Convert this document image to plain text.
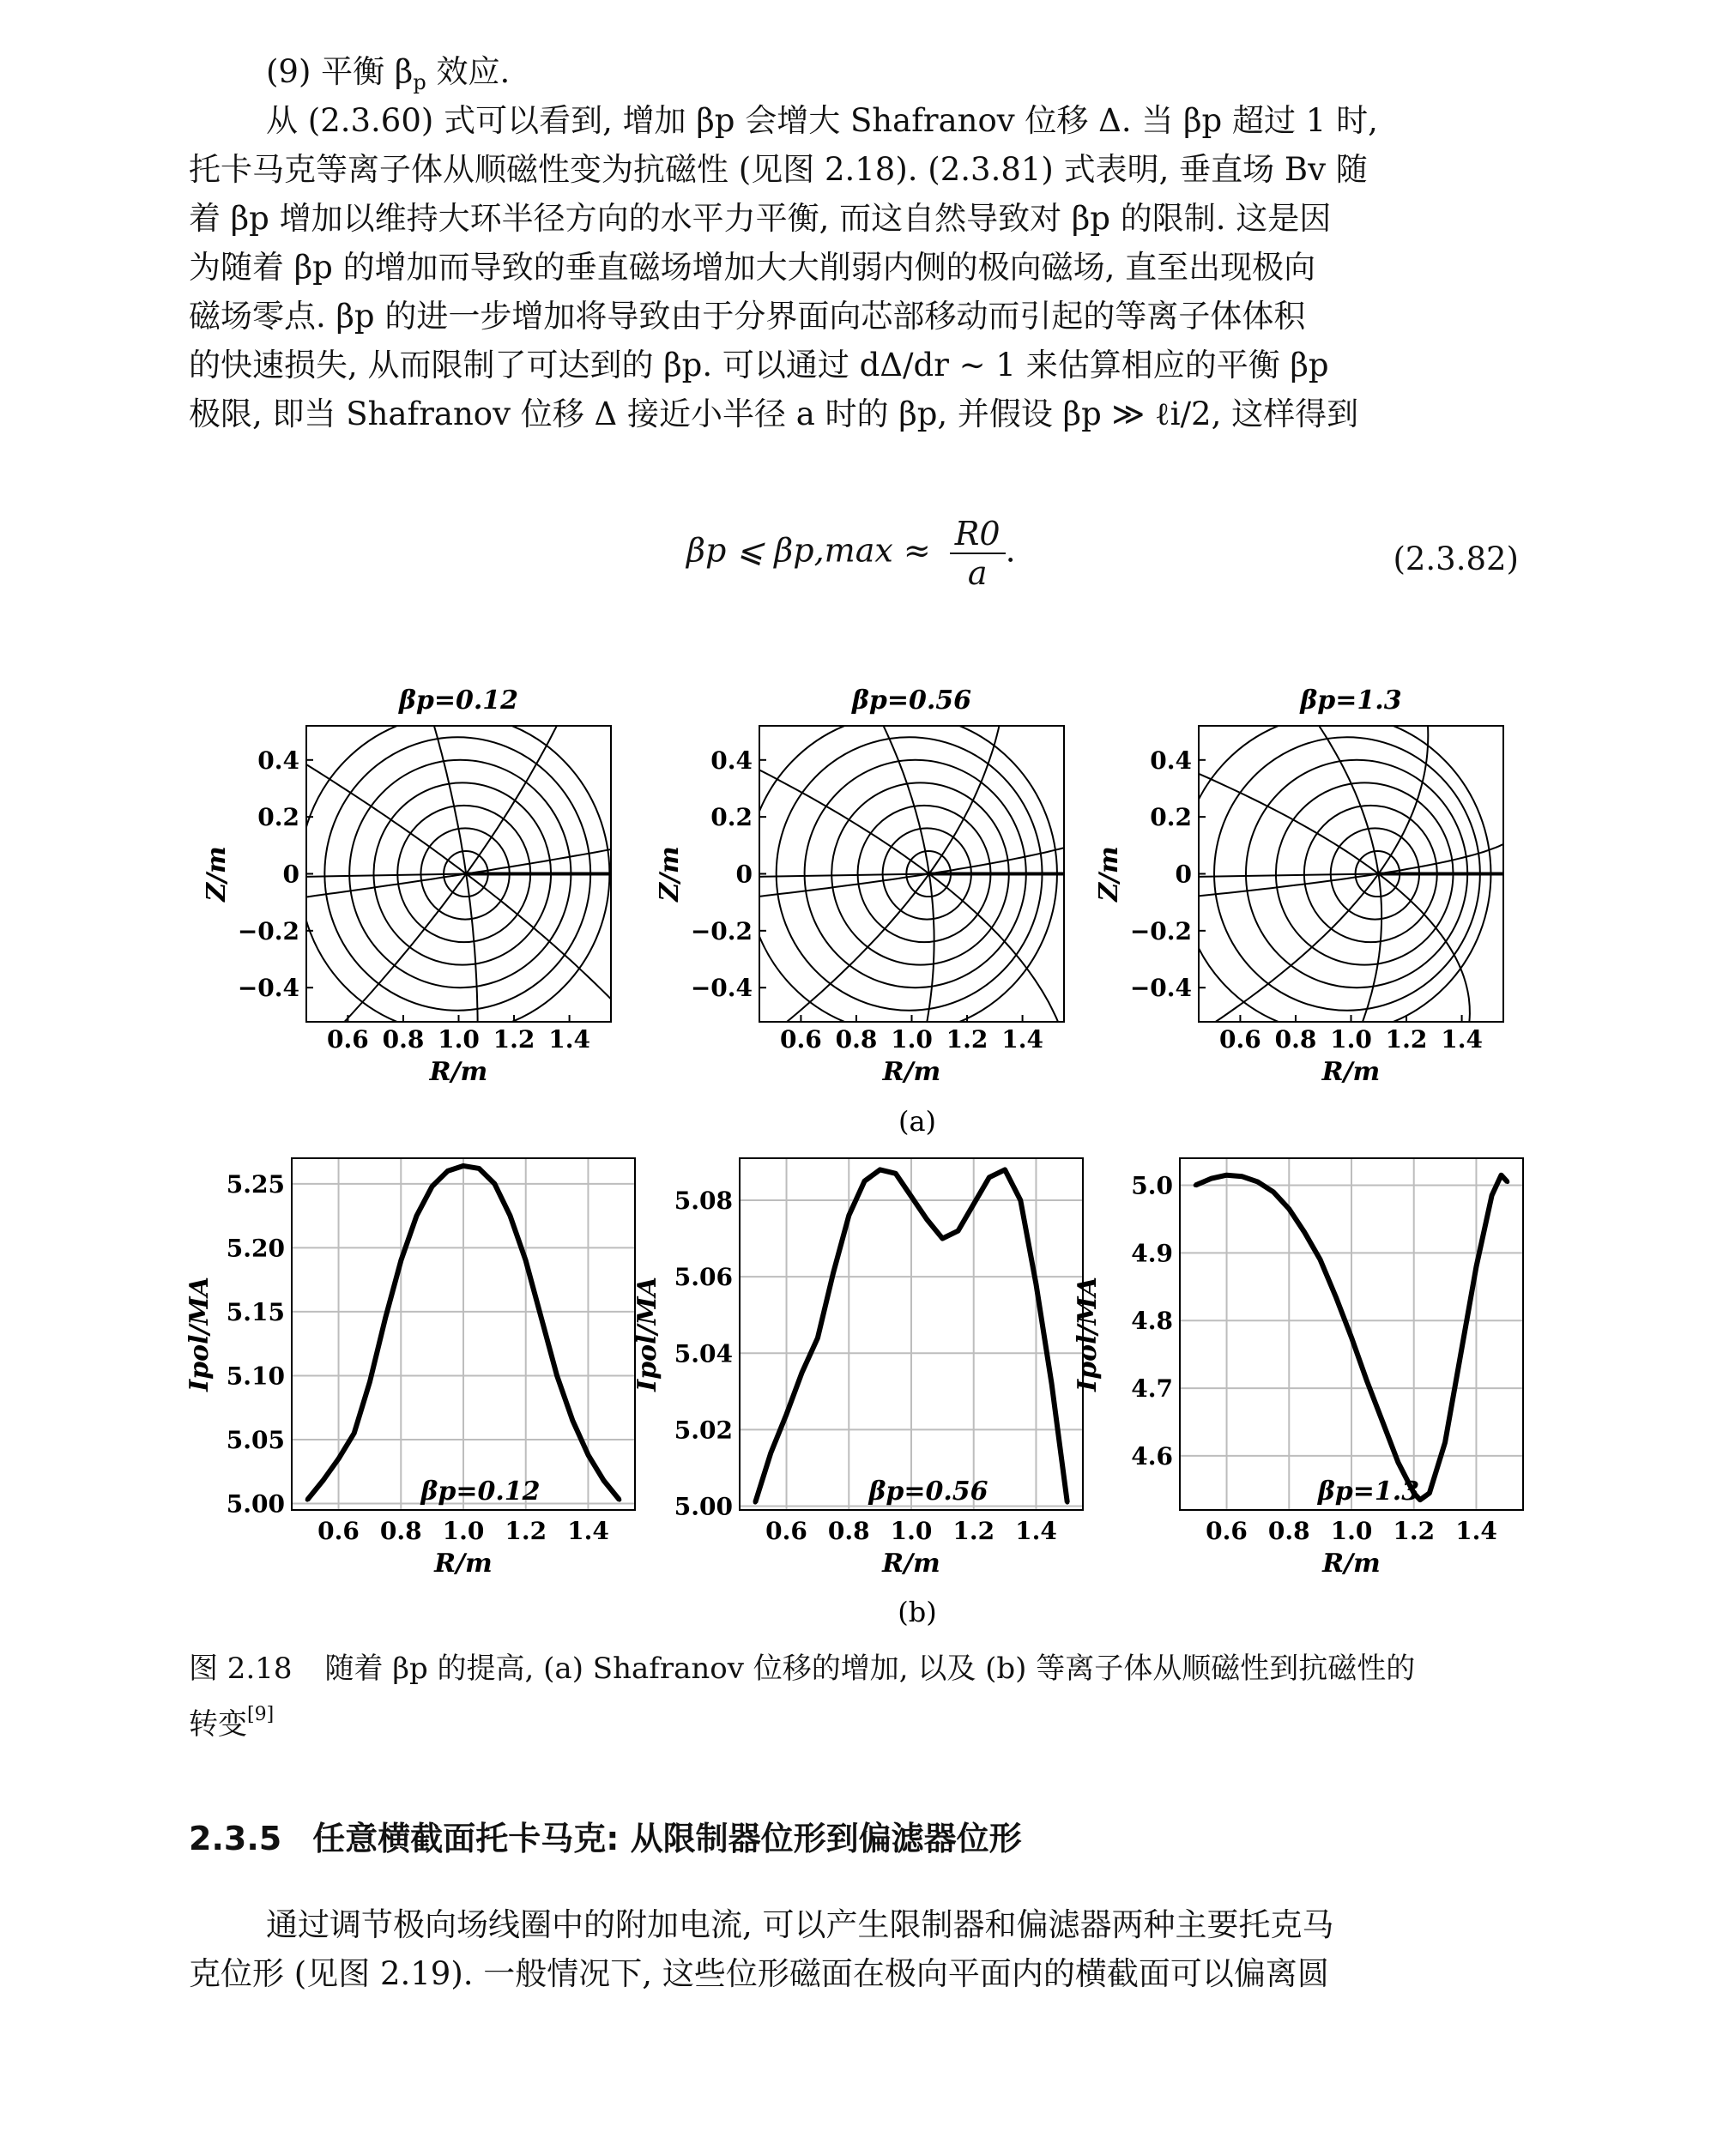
(9) 平衡 $\beta_p$ 效应.

从 (2.3.60) 式可以看到, 增加 βp 会增大 Shafranov 位移 Δ. 当 βp 超过 1 时,
托卡马克等离子体从顺磁性变为抗磁性 (见图 2.18). (2.3.81) 式表明, 垂直场 Bv 随
着 βp 增加以维持大环半径方向的水平力平衡, 而这自然导致对 βp 的限制. 这是因
为随着 βp 的增加而导致的垂直磁场增加大大削弱内侧的极向磁场, 直至出现极向
磁场零点. βp 的进一步增加将导致由于分界面向芯部移动而引起的等离子体体积
的快速损失, 从而限制了可达到的 βp. 可以通过 dΔ/dr ∼ 1 来估算相应的平衡 βp
极限, 即当 Shafranov 位移 Δ 接近小半径 a 时的 βp, 并假设 βp ≫ ℓi/2, 这样得到
βp ⩽ $\beta p,\max \approx \frac{R0}{a}$ .	(2.3.82)
βp=0.12
0.6 0.8 1.0 1.2 1.4
0.4
0.2
0
−0.2
−0.4
R/m
Z/m
βp=0.56
0.6 0.8 1.0 1.2 1.4
0.4
0.2
0
−0.2
−0.4
R/m
Z/m
βp=1.3
0.6 0.8 1.0 1.2 1.4
0.4
0.2
0
−0.2
−0.4
R/m
Z/m
(a)
0.6 0.8 1.0 1.2 1.4
5.00
5.05
5.10
5.15
5.20
5.25
βp=0.12
R/m
Ipol/MA
0.6 0.8 1.0 1.2 1.4
5.00
5.02
5.04
5.06
5.08
βp=0.56
R/m
Ipol/MA
0.6 0.8 1.0 1.2 1.4
4.6
4.7
4.8
4.9
5.0
βp=1.3
R/m
Ipol/MA
(b)
图 2.18 随着 βp 的提高, (a) Shafranov 位移的增加, 以及 (b) 等离子体从顺磁性到抗磁性的
转变[9]
2.3.5 任意横截面托卡马克: 从限制器位形到偏滤器位形
通过调节极向场线圈中的附加电流, 可以产生限制器和偏滤器两种主要托克马
克位形 (见图 2.19). 一般情况下, 这些位形磁面在极向平面内的横截面可以偏离圆
